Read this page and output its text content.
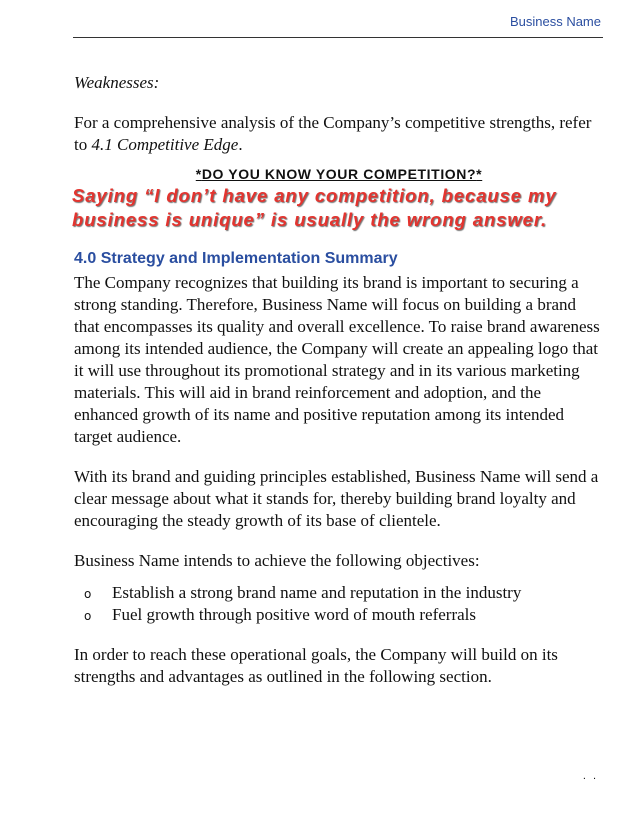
Business Name

Weaknesses:

For a comprehensive analysis of the Company’s competitive strengths, refer to 4.1 Competitive Edge.

*DO YOU KNOW YOUR COMPETITION?*
Saying “I don’t have any competition, because my business is unique” is usually the wrong answer.
4.0 Strategy and Implementation Summary

The Company recognizes that building its brand is important to securing a strong standing. Therefore, Business Name will focus on building a brand that encompasses its quality and overall excellence. To raise brand awareness among its intended audience, the Company will create an appealing logo that it will use throughout its promotional strategy and in its various marketing materials. This will aid in brand reinforcement and adoption, and the enhanced growth of its name and positive reputation among its intended target audience.

With its brand and guiding principles established, Business Name will send a clear message about what it stands for, thereby building brand loyalty and encouraging the steady growth of its base of clientele.

Business Name intends to achieve the following objectives:

o Establish a strong brand name and reputation in the industry
o Fuel growth through positive word of mouth referrals

In order to reach these operational goals, the Company will build on its strengths and advantages as outlined in the following section.

. .
